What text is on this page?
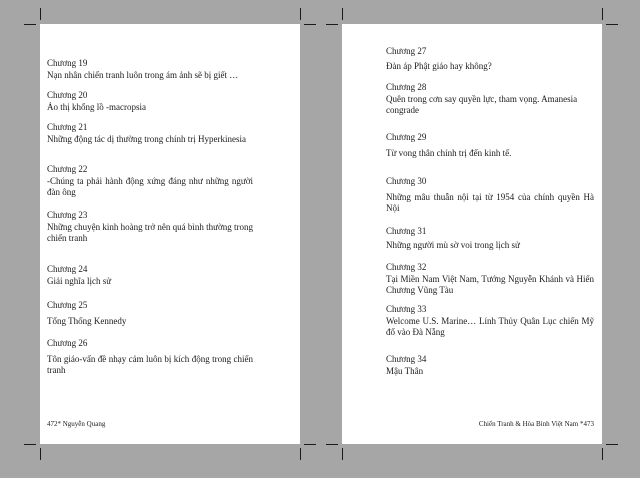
Chương 19
Nạn nhân chiến tranh luôn trong ám ảnh sẽ bị giết …
Chương 20
Ảo thị khổng lồ -macropsia
Chương 21
Những động tác dị thường trong chính trị Hyperkinesia
Chương 22
-Chúng ta phải hành động xứng đáng như những người đàn ông
Chương 23
Những chuyện kinh hoàng trở nên quá bình thường trong chiến tranh
Chương 24
Giải nghĩa lịch sử
Chương 25
Tổng Thống Kennedy
Chương 26
Tôn giáo-vấn đề nhạy cảm luôn bị kích động trong chiến tranh
472* Nguyễn Quang
Chương 27
Đàn áp Phật giáo hay không?
Chương 28
Quên trong cơn say quyền lực, tham vọng. Amanesia congrade
Chương 29
Từ vong thân chính trị đến kinh tế.
Chương 30
Những mâu thuẫn nội tại từ 1954 của chính quyền Hà Nội
Chương 31
Những người mù sờ voi trong lịch sử
Chương 32
Tại Miền Nam Việt Nam, Tướng Nguyễn Khánh và Hiến Chương Vũng Tàu
Chương 33
Welcome U.S. Marine… Lính Thủy Quân Lục chiến Mỹ đổ vào Đà Nẵng
Chương 34
Mậu Thân
Chiến Tranh & Hòa Bình Việt Nam *473
